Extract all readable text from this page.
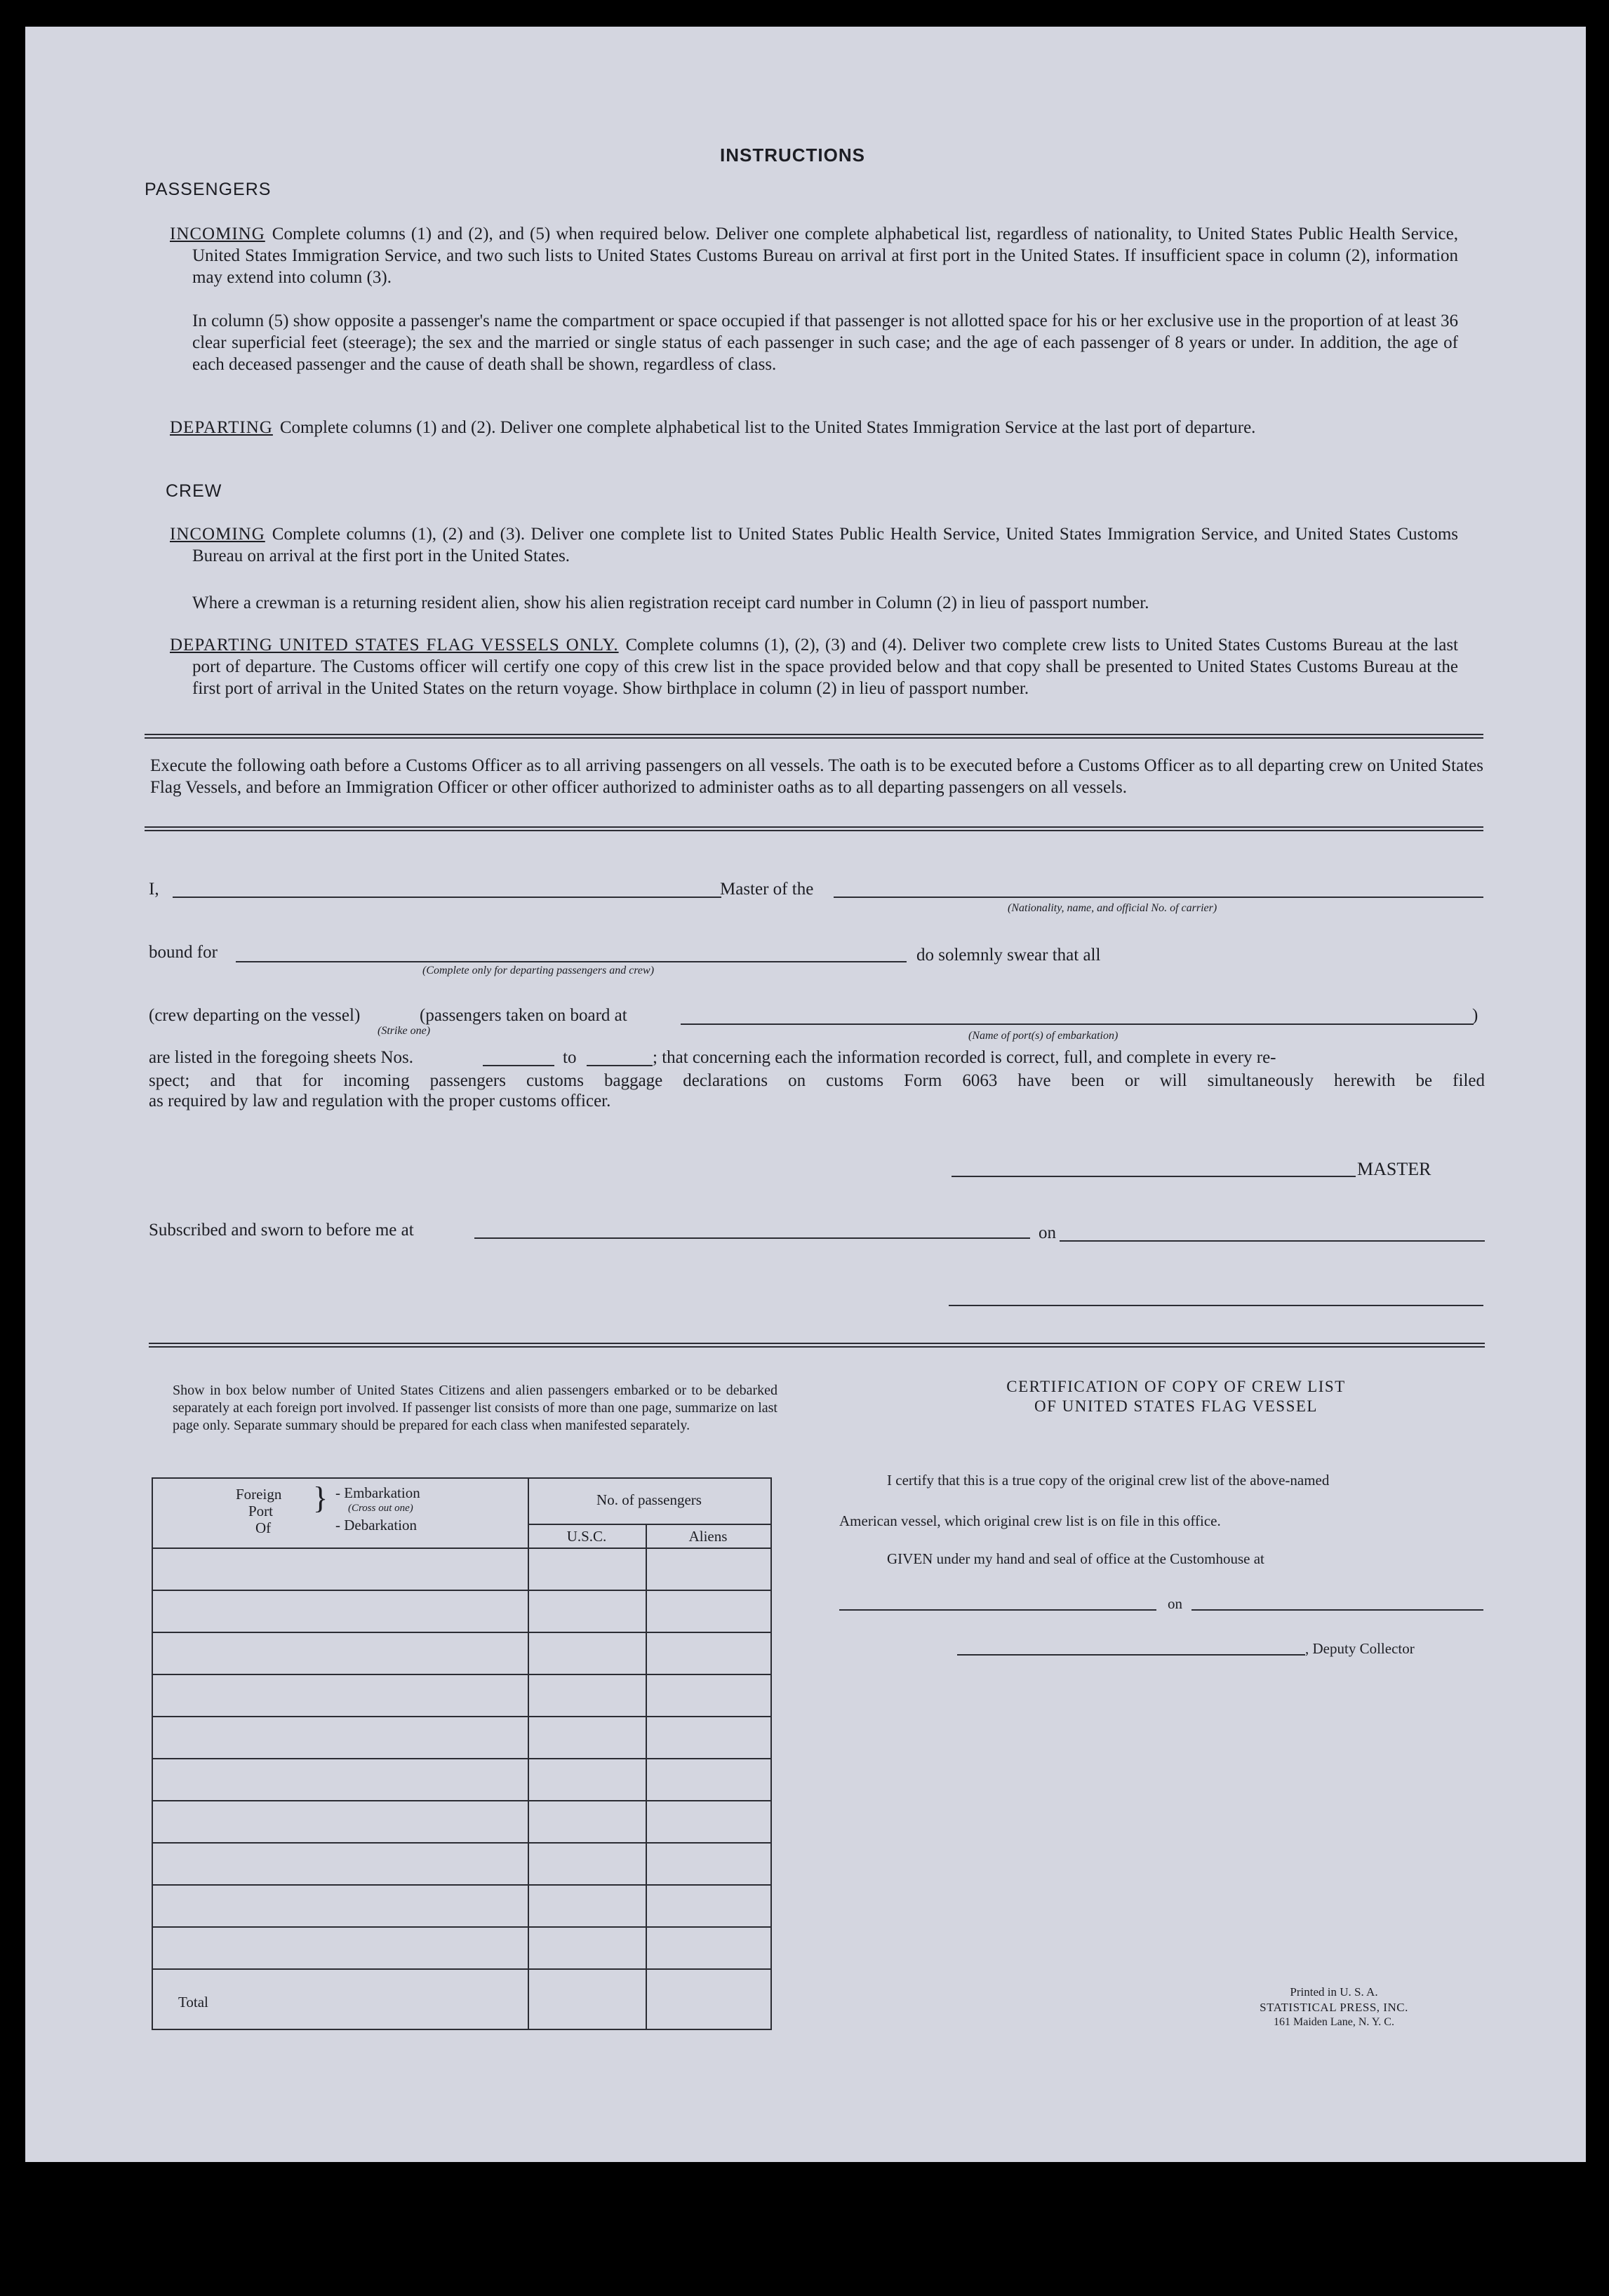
INSTRUCTIONS
PASSENGERS
INCOMING Complete columns (1) and (2), and (5) when required below. Deliver one complete alphabetical list, regardless of nationality, to United States Public Health Service, United States Immigration Service, and two such lists to United States Customs Bureau on arrival at first port in the United States. If insufficient space in column (2), information may extend into column (3).
In column (5) show opposite a passenger's name the compartment or space occupied if that passenger is not allotted space for his or her exclusive use in the proportion of at least 36 clear superficial feet (steerage); the sex and the married or single status of each passenger in such case; and the age of each passenger of 8 years or under. In addition, the age of each deceased passenger and the cause of death shall be shown, regardless of class.
DEPARTING Complete columns (1) and (2). Deliver one complete alphabetical list to the United States Immigration Service at the last port of departure.
CREW
INCOMING Complete columns (1), (2) and (3). Deliver one complete list to United States Public Health Service, United States Immigration Service, and United States Customs Bureau on arrival at the first port in the United States.
Where a crewman is a returning resident alien, show his alien registration receipt card number in Column (2) in lieu of passport number.
DEPARTING UNITED STATES FLAG VESSELS ONLY. Complete columns (1), (2), (3) and (4). Deliver two complete crew lists to United States Customs Bureau at the last port of departure. The Customs officer will certify one copy of this crew list in the space provided below and that copy shall be presented to United States Customs Bureau at the first port of arrival in the United States on the return voyage. Show birthplace in column (2) in lieu of passport number.
Execute the following oath before a Customs Officer as to all arriving passengers on all vessels. The oath is to be executed before a Customs Officer as to all departing crew on United States Flag Vessels, and before an Immigration Officer or other officer authorized to administer oaths as to all departing passengers on all vessels.
I,	Master of the
(Nationality, name, and official No. of carrier)
bound for
(Complete only for departing passengers and crew)
do solemnly swear that all
(crew departing on the vessel)	(passengers taken on board at
(Strike one)	(Name of port(s) of embarkation)
)
are listed in the foregoing sheets Nos.	to	; that concerning each the information recorded is correct, full, and complete in every re-
spect; and that for incoming passengers customs baggage declarations on customs Form 6063 have been or will simultaneously herewith be filed
as required by law and regulation with the proper customs officer.
MASTER
Subscribed and sworn to before me at	on
Show in box below number of United States Citizens and alien passengers embarked or to be debarked separately at each foreign port involved. If passenger list consists of more than one page, summarize on last page only. Separate summary should be prepared for each class when manifested separately.
Foreign
Port
Of
} - Embarkation
(Cross out one)
- Debarkation
No. of passengers
U.S.C.	Aliens
Total
CERTIFICATION OF COPY OF CREW LIST
OF UNITED STATES FLAG VESSEL
I certify that this is a true copy of the original crew list of the above-named
American vessel, which original crew list is on file in this office.
GIVEN under my hand and seal of office at the Customhouse at
on
, Deputy Collector
Printed in U. S. A.
STATISTICAL PRESS, INC.
161 Maiden Lane, N. Y. C.
